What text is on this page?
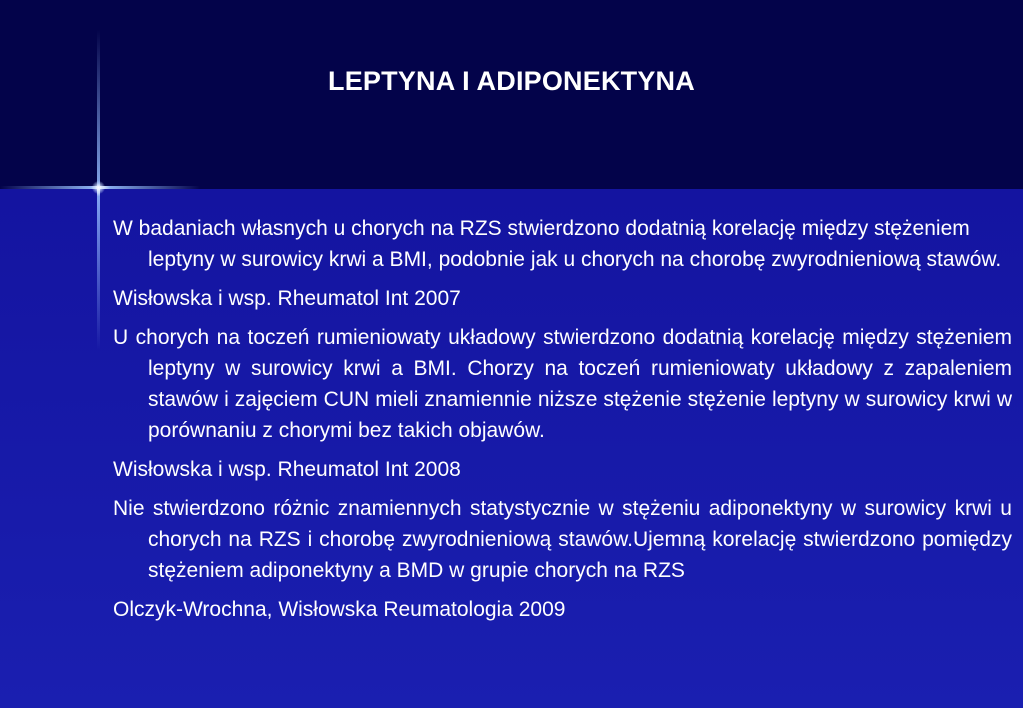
LEPTYNA I ADIPONEKTYNA

W badaniach własnych u chorych na RZS stwierdzono dodatnią korelację między stężeniem leptyny w surowicy krwi a BMI, podobnie jak u chorych na chorobę zwyrodnieniową stawów.

Wisłowska i wsp. Rheumatol Int 2007

U chorych na toczeń rumieniowaty układowy stwierdzono dodatnią korelację między stężeniem leptyny w surowicy krwi a BMI. Chorzy na toczeń rumieniowaty układowy z zapaleniem stawów i zajęciem CUN mieli znamiennie niższe stężenie stężenie leptyny w surowicy krwi w porównaniu z chorymi bez takich objawów.

Wisłowska i wsp. Rheumatol Int 2008

Nie stwierdzono różnic znamiennych statystycznie w stężeniu adiponektyny w surowicy krwi u chorych na RZS i chorobę zwyrodnieniową stawów.Ujemną korelację stwierdzono pomiędzy stężeniem adiponektyny a BMD w grupie chorych na RZS

Olczyk-Wrochna, Wisłowska Reumatologia 2009
